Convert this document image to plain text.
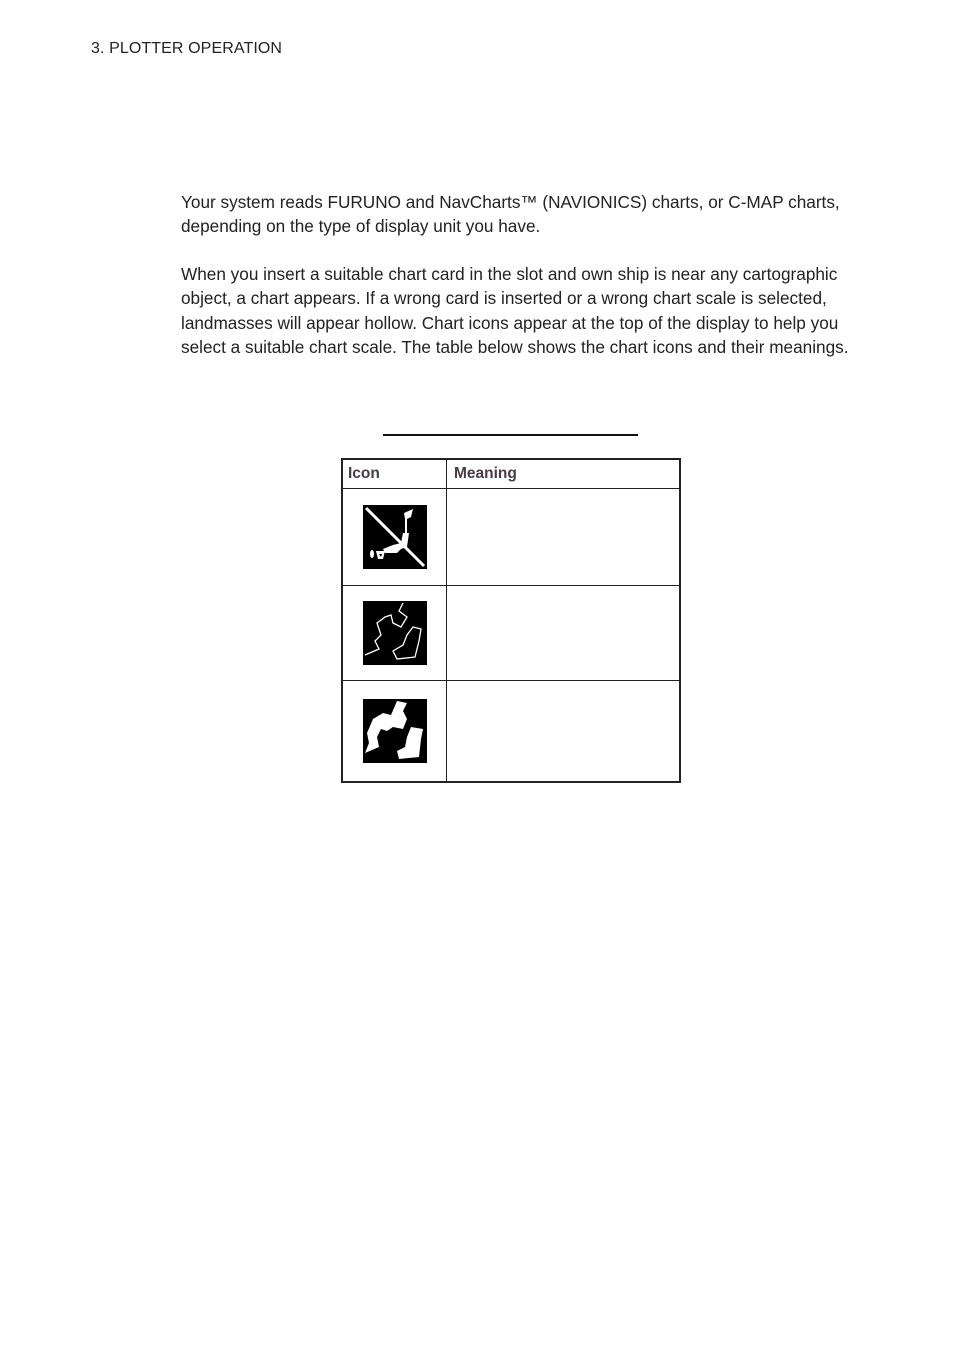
3. PLOTTER OPERATION

Your system reads FURUNO and NavCharts™ (NAVIONICS) charts, or C-MAP charts, depending on the type of display unit you have.

When you insert a suitable chart card in the slot and own ship is near any cartographic object, a chart appears. If a wrong card is inserted or a wrong chart scale is selected, landmasses will appear hollow. Chart icons appear at the top of the display to help you select a suitable chart scale. The table below shows the chart icons and their meanings.

Icon	Meaning
